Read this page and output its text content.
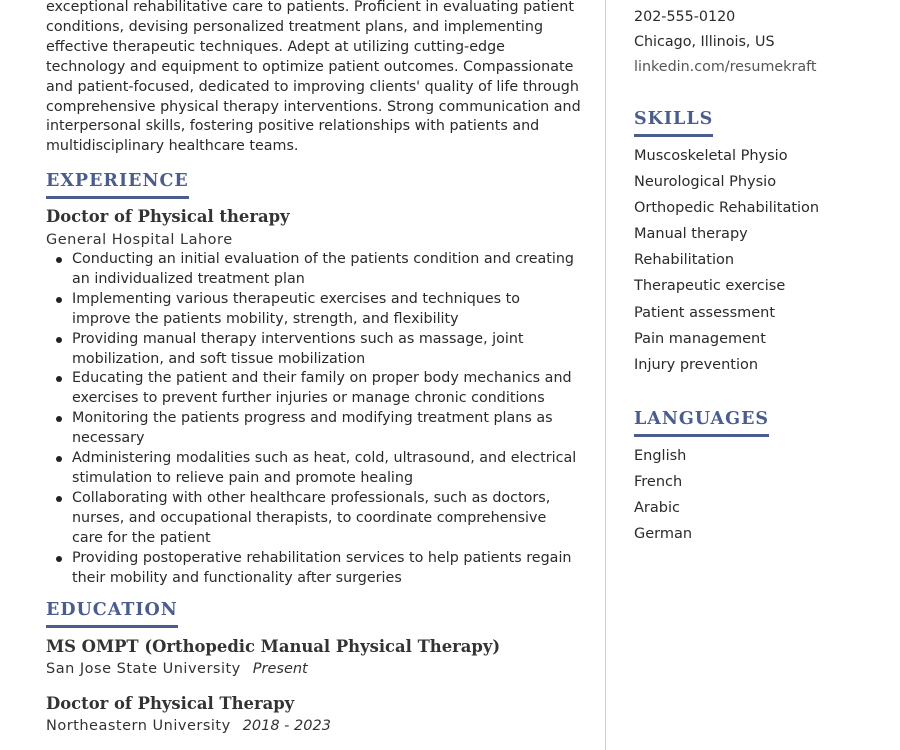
exceptional rehabilitative care to patients. Proficient in evaluating patient conditions, devising personalized treatment plans, and implementing effective therapeutic techniques. Adept at utilizing cutting-edge technology and equipment to optimize patient outcomes. Compassionate and patient-focused, dedicated to improving clients' quality of life through comprehensive physical therapy interventions. Strong communication and interpersonal skills, fostering positive relationships with patients and multidisciplinary healthcare teams.

EXPERIENCE
Doctor of Physical therapy
General Hospital Lahore
Conducting an initial evaluation of the patients condition and creating an individualized treatment plan
Implementing various therapeutic exercises and techniques to improve the patients mobility, strength, and flexibility
Providing manual therapy interventions such as massage, joint mobilization, and soft tissue mobilization
Educating the patient and their family on proper body mechanics and exercises to prevent further injuries or manage chronic conditions
Monitoring the patients progress and modifying treatment plans as necessary
Administering modalities such as heat, cold, ultrasound, and electrical stimulation to relieve pain and promote healing
Collaborating with other healthcare professionals, such as doctors, nurses, and occupational therapists, to coordinate comprehensive care for the patient
Providing postoperative rehabilitation services to help patients regain their mobility and functionality after surgeries
EDUCATION
MS OMPT (Orthopedic Manual Physical Therapy)
San Jose State University Present
Doctor of Physical Therapy
Northeastern University 2018 - 2023
202-555-0120
Chicago, Illinois, US
linkedin.com/resumekraft
SKILLS
Muscoskeletal Physio
Neurological Physio
Orthopedic Rehabilitation
Manual therapy
Rehabilitation
Therapeutic exercise
Patient assessment
Pain management
Injury prevention
LANGUAGES
English
French
Arabic
German
